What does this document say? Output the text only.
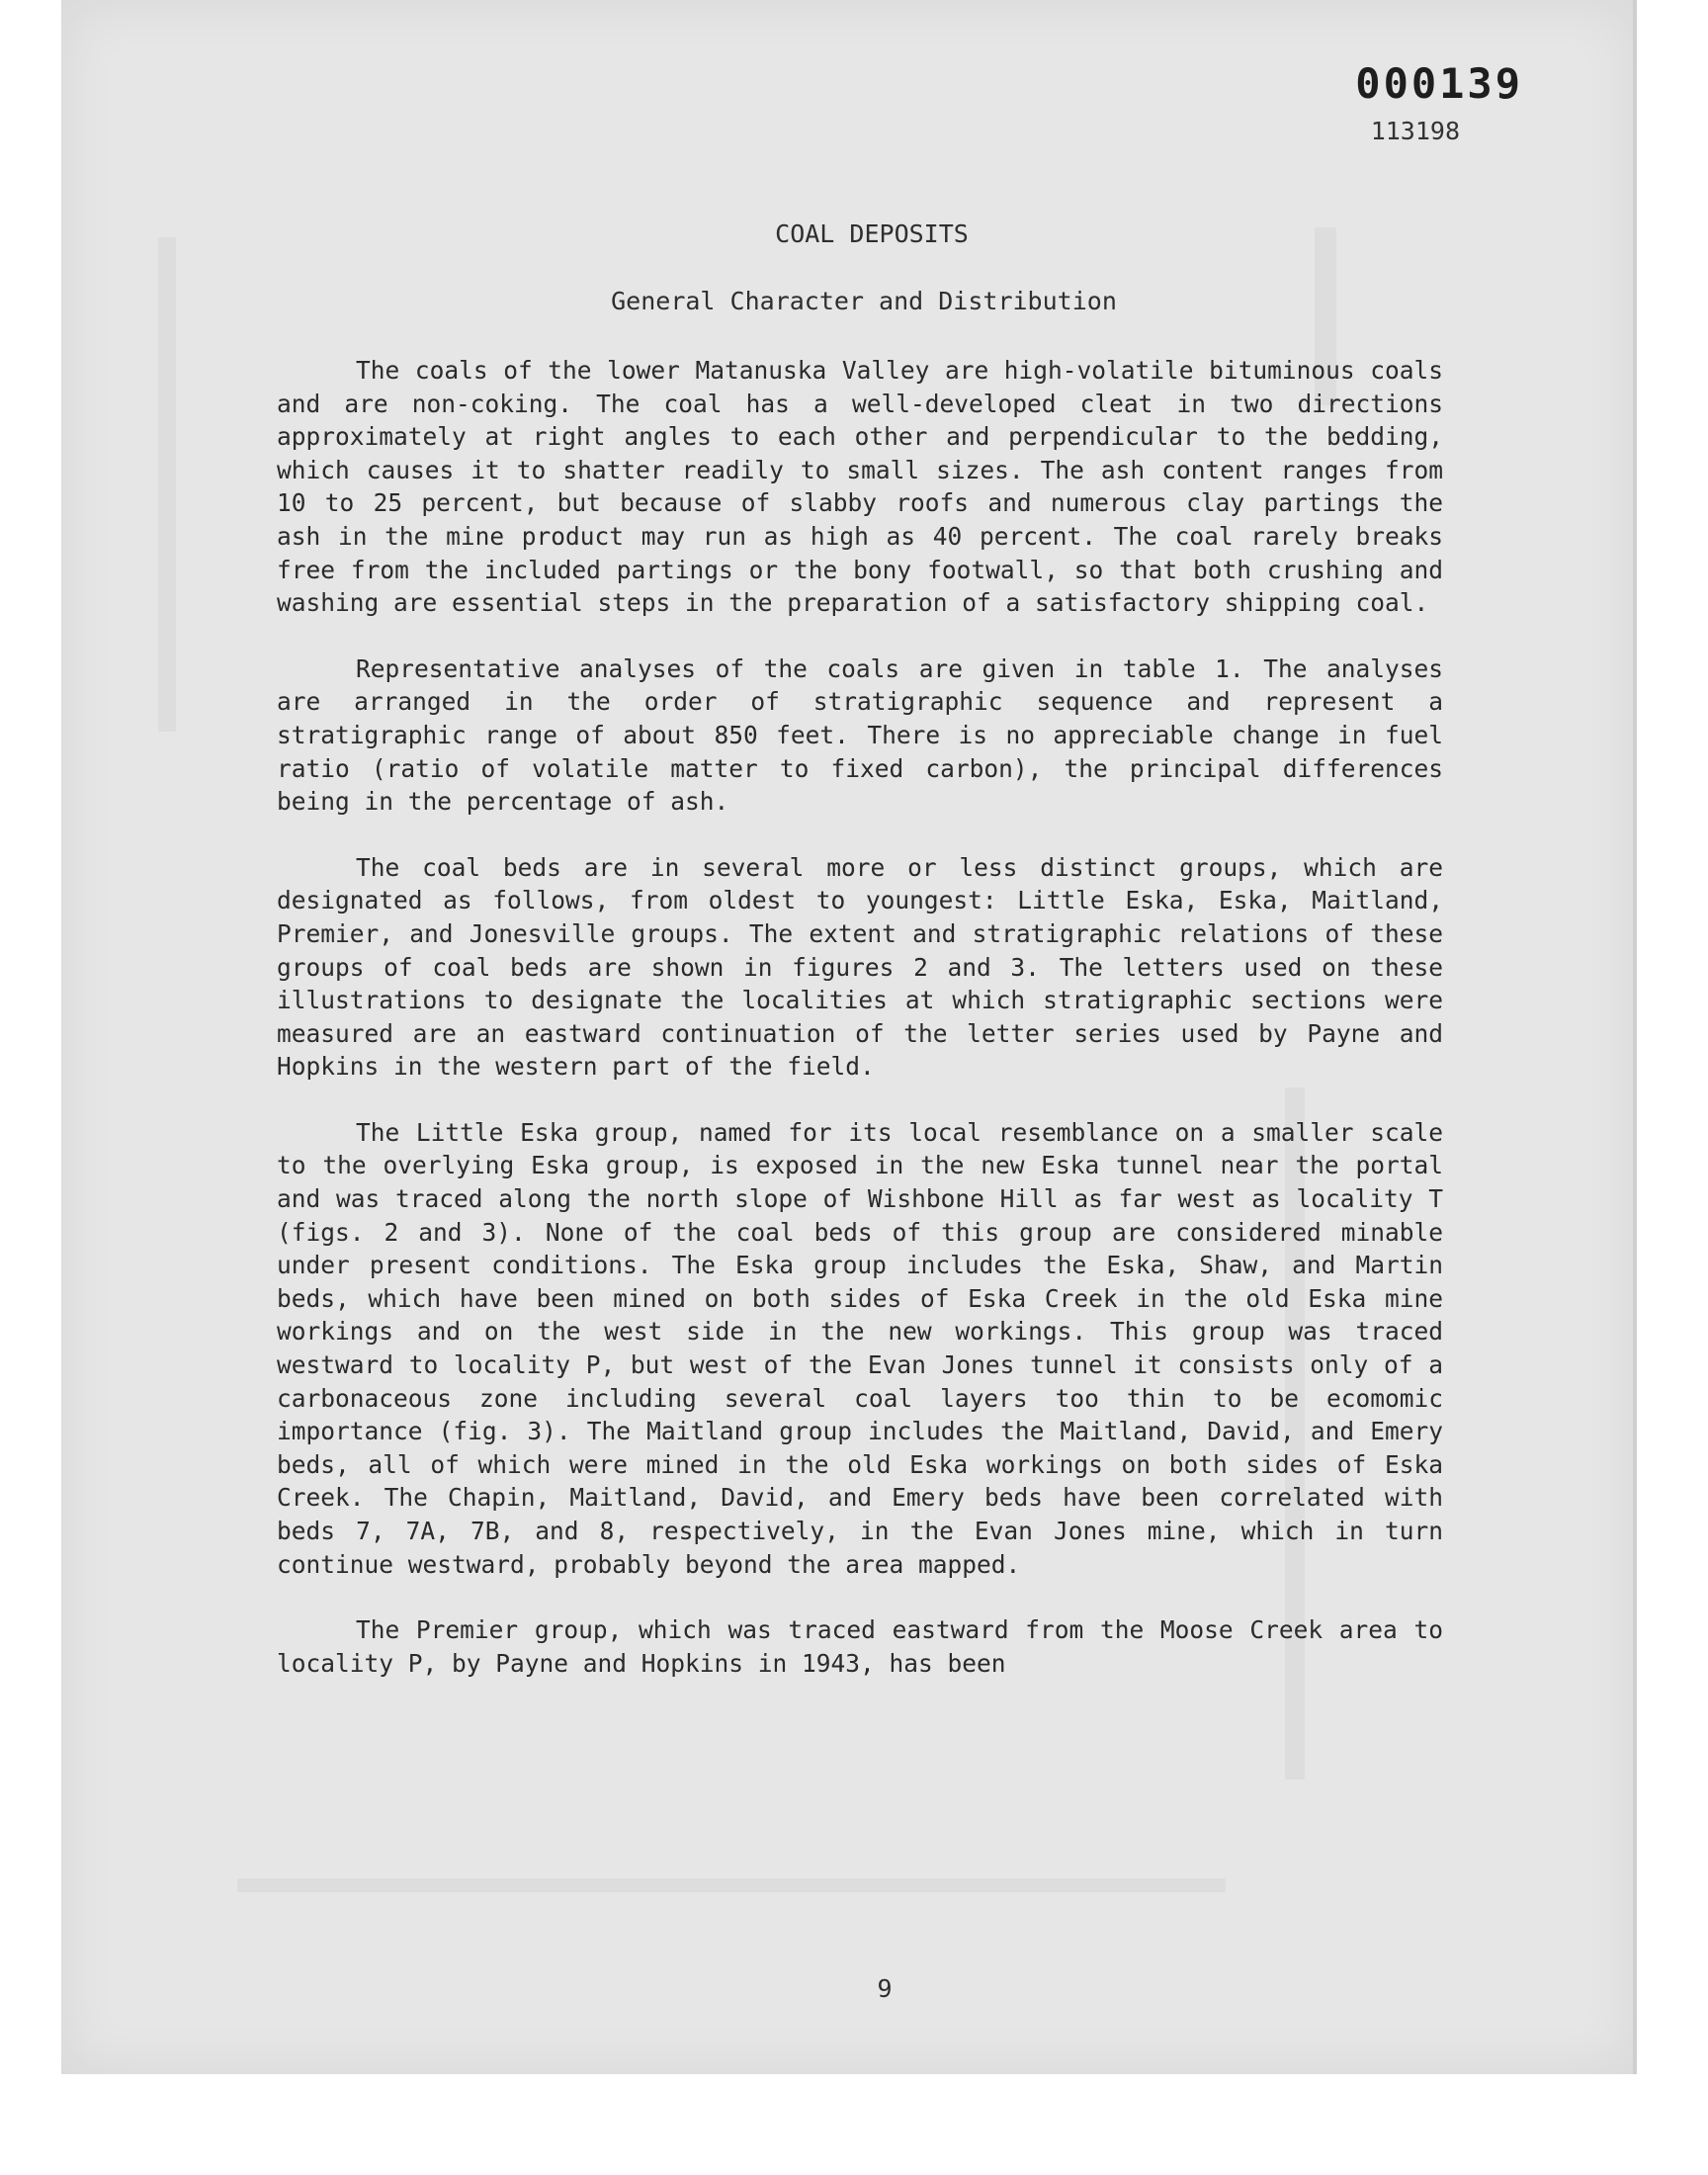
000139
113198
COAL DEPOSITS
General Character and Distribution

The coals of the lower Matanuska Valley are high-volatile bituminous coals and are non-coking. The coal has a well-developed cleat in two directions approximately at right angles to each other and perpendicular to the bedding, which causes it to shatter readily to small sizes. The ash content ranges from 10 to 25 percent, but because of slabby roofs and numerous clay partings the ash in the mine product may run as high as 40 percent. The coal rarely breaks free from the included partings or the bony footwall, so that both crushing and washing are essential steps in the preparation of a satisfactory shipping coal.

Representative analyses of the coals are given in table 1. The analyses are arranged in the order of stratigraphic sequence and represent a stratigraphic range of about 850 feet. There is no appreciable change in fuel ratio (ratio of volatile matter to fixed carbon), the principal differences being in the percentage of ash.

The coal beds are in several more or less distinct groups, which are designated as follows, from oldest to youngest: Little Eska, Eska, Maitland, Premier, and Jonesville groups. The extent and stratigraphic relations of these groups of coal beds are shown in figures 2 and 3. The letters used on these illustrations to designate the localities at which stratigraphic sections were measured are an eastward continuation of the letter series used by Payne and Hopkins in the western part of the field.

The Little Eska group, named for its local resemblance on a smaller scale to the overlying Eska group, is exposed in the new Eska tunnel near the portal and was traced along the north slope of Wishbone Hill as far west as locality T (figs. 2 and 3). None of the coal beds of this group are considered minable under present conditions. The Eska group includes the Eska, Shaw, and Martin beds, which have been mined on both sides of Eska Creek in the old Eska mine workings and on the west side in the new workings. This group was traced westward to locality P, but west of the Evan Jones tunnel it consists only of a carbonaceous zone including several coal layers too thin to be ecomomic importance (fig. 3). The Maitland group includes the Maitland, David, and Emery beds, all of which were mined in the old Eska workings on both sides of Eska Creek. The Chapin, Maitland, David, and Emery beds have been correlated with beds 7, 7A, 7B, and 8, respectively, in the Evan Jones mine, which in turn continue westward, probably beyond the area mapped.

The Premier group, which was traced eastward from the Moose Creek area to locality P, by Payne and Hopkins in 1943, has been

9
